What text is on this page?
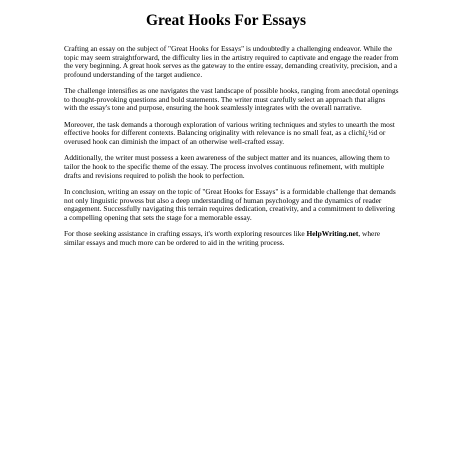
Great Hooks For Essays

Crafting an essay on the subject of "Great Hooks for Essays" is undoubtedly a challenging endeavor. While the topic may seem straightforward, the difficulty lies in the artistry required to captivate and engage the reader from the very beginning. A great hook serves as the gateway to the entire essay, demanding creativity, precision, and a profound understanding of the target audience.

The challenge intensifies as one navigates the vast landscape of possible hooks, ranging from anecdotal openings to thought-provoking questions and bold statements. The writer must carefully select an approach that aligns with the essay's tone and purpose, ensuring the hook seamlessly integrates with the overall narrative.

Moreover, the task demands a thorough exploration of various writing techniques and styles to unearth the most effective hooks for different contexts. Balancing originality with relevance is no small feat, as a clichï¿½d or overused hook can diminish the impact of an otherwise well-crafted essay.

Additionally, the writer must possess a keen awareness of the subject matter and its nuances, allowing them to tailor the hook to the specific theme of the essay. The process involves continuous refinement, with multiple drafts and revisions required to polish the hook to perfection.

In conclusion, writing an essay on the topic of "Great Hooks for Essays" is a formidable challenge that demands not only linguistic prowess but also a deep understanding of human psychology and the dynamics of reader engagement. Successfully navigating this terrain requires dedication, creativity, and a commitment to delivering a compelling opening that sets the stage for a memorable essay.

For those seeking assistance in crafting essays, it's worth exploring resources like HelpWriting.net, where similar essays and much more can be ordered to aid in the writing process.
